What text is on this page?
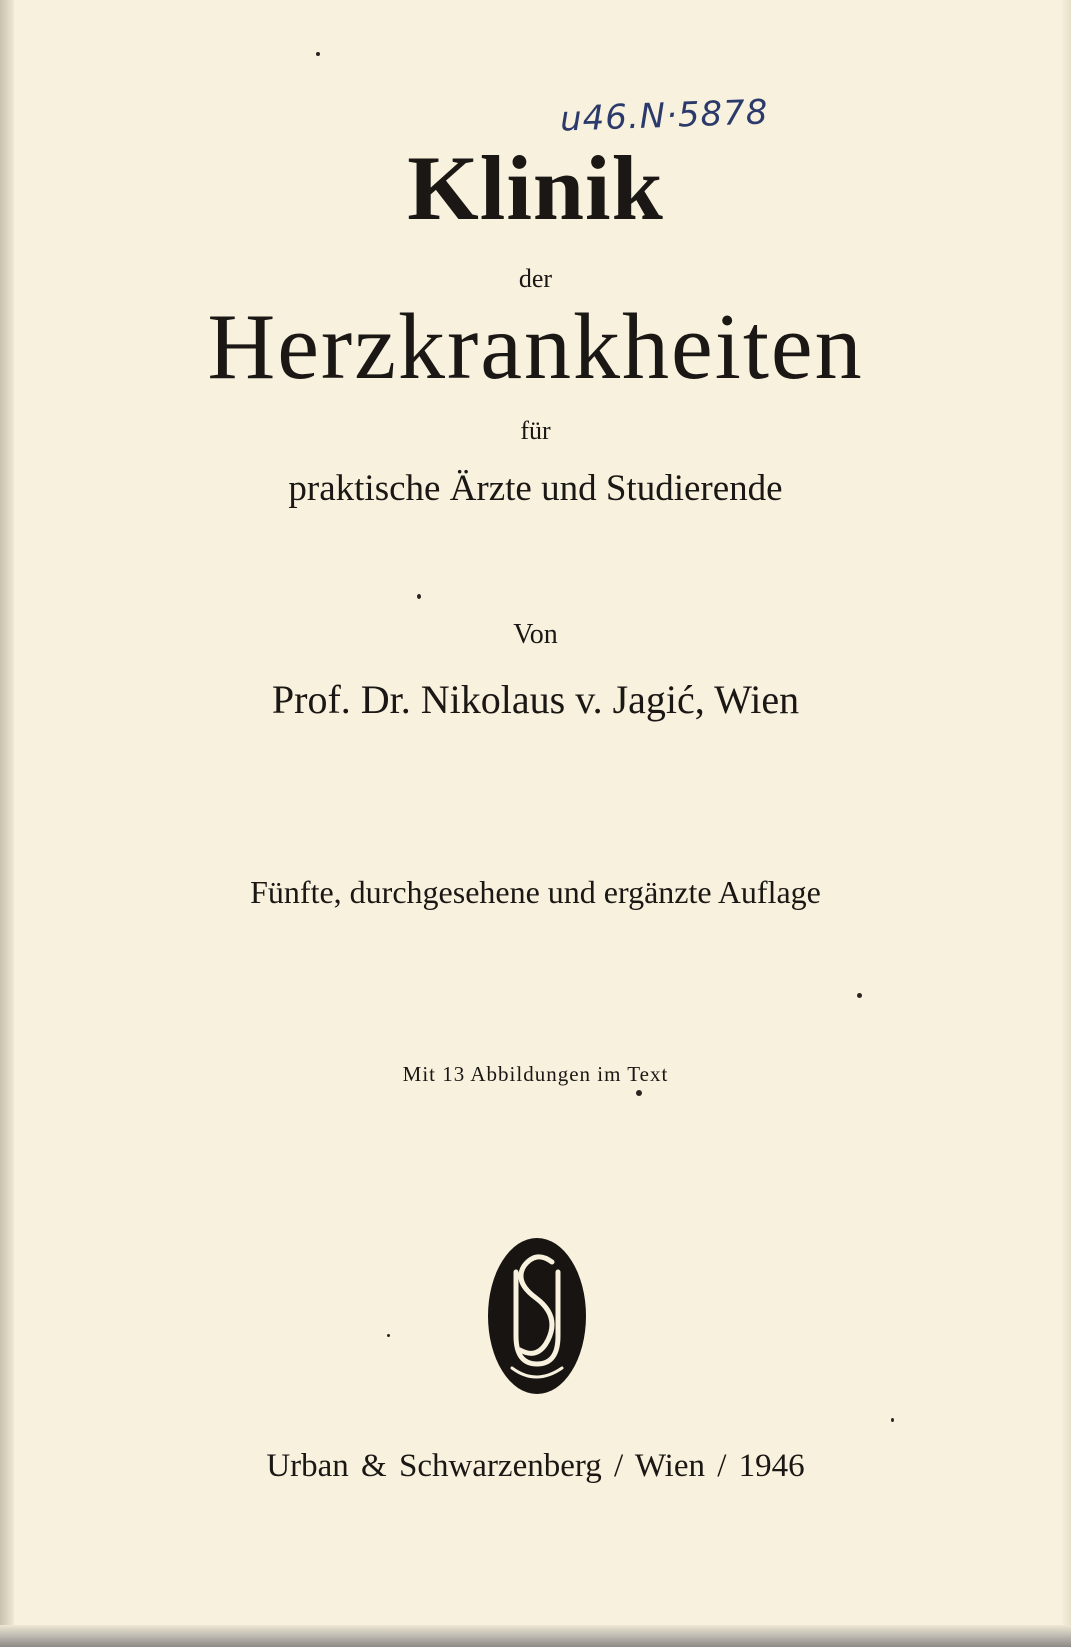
u46.N·5878
Klinik
der
Herzkrankheiten
für
praktische Ärzte und Studierende
Von
Prof. Dr. Nikolaus v. Jagić, Wien
Fünfte, durchgesehene und ergänzte Auflage
Mit 13 Abbildungen im Text
Urban & Schwarzenberg / Wien / 1946
